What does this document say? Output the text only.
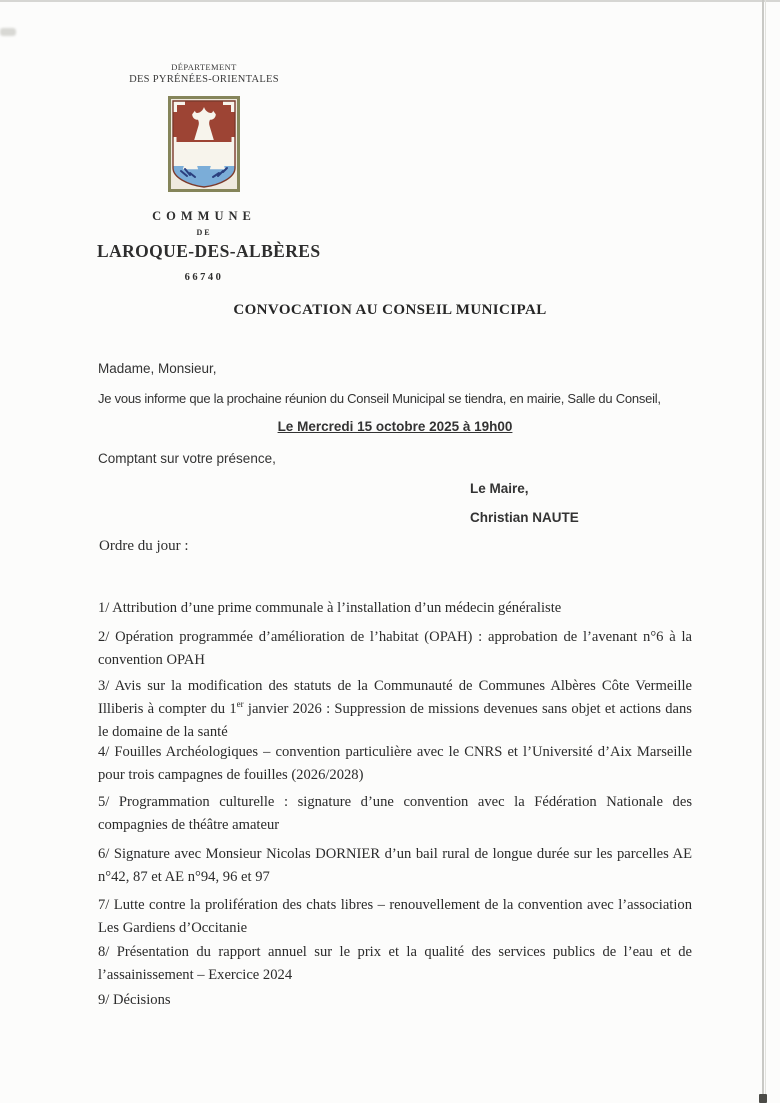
DÉPARTEMENT
DES PYRÉNÉES-ORIENTALES
COMMUNE
DE
LAROQUE-DES-ALBÈRES
66740
CONVOCATION AU CONSEIL MUNICIPAL

Madame, Monsieur,

Je vous informe que la prochaine réunion du Conseil Municipal se tiendra, en mairie, Salle du Conseil,

Le Mercredi 15 octobre 2025 à 19h00

Comptant sur votre présence,

Le Maire,

Christian NAUTE

Ordre du jour :

1/ Attribution d’une prime communale à l’installation d’un médecin généraliste

2/ Opération programmée d’amélioration de l’habitat (OPAH) : approbation de l’avenant n°6 à la convention OPAH

3/ Avis sur la modification des statuts de la Communauté de Communes Albères Côte Vermeille Illiberis à compter du 1er janvier 2026 : Suppression de missions devenues sans objet et actions dans le domaine de la santé

4/ Fouilles Archéologiques – convention particulière avec le CNRS et l’Université d’Aix Marseille pour trois campagnes de fouilles (2026/2028)

5/ Programmation culturelle : signature d’une convention avec la Fédération Nationale des compagnies de théâtre amateur

6/ Signature avec Monsieur Nicolas DORNIER d’un bail rural de longue durée sur les parcelles AE n°42, 87 et AE n°94, 96 et 97

7/ Lutte contre la prolifération des chats libres – renouvellement de la convention avec l’association Les Gardiens d’Occitanie

8/ Présentation du rapport annuel sur le prix et la qualité des services publics de l’eau et de l’assainissement – Exercice 2024

9/ Décisions
